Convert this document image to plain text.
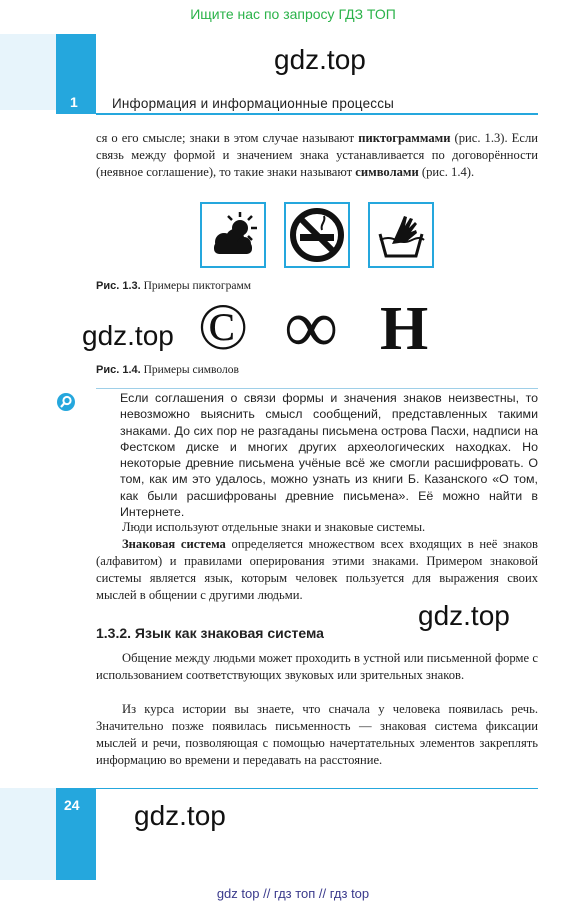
Ищите нас по запросу ГДЗ ТОП
1
gdz.top
Информация и информационные процессы
ся о его смысле; знаки в этом случае называют пиктограммами (рис. 1.3). Если связь между формой и значением знака устанавливается по договорённости (неявное соглашение), то такие знаки называют символами (рис. 1.4).
Рис. 1.3. Примеры пиктограмм
gdz.top © ∞ Н
Рис. 1.4. Примеры символов
Если соглашения о связи формы и значения знаков неизвестны, то невозможно выяснить смысл сообщений, представленных такими знаками. До сих пор не разгаданы письмена острова Пасхи, надписи на Фестском диске и многих других археологических находках. Но некоторые древние письмена учёные всё же смогли расшифровать. О том, как им это удалось, можно узнать из книги Б. Казанского «О том, как были расшифрованы древние письмена». Её можно найти в Интернете.
Люди используют отдельные знаки и знаковые системы.
Знаковая система определяется множеством всех входящих в неё знаков (алфавитом) и правилами оперирования этими знаками. Примером знаковой системы является язык, которым человек пользуется для выражения своих мыслей в общении с другими людьми.
1.3.2. Язык как знаковая система
gdz.top
Общение между людьми может проходить в устной или письменной форме с использованием соответствующих звуковых или зрительных знаков.
Из курса истории вы знаете, что сначала у человека появилась речь. Значительно позже появилась письменность — знаковая система фиксации мыслей и речи, позволяющая с помощью начертательных элементов закреплять информацию во времени и передавать на расстояние.
24 gdz.top
gdz top // гдз топ // гдз top
